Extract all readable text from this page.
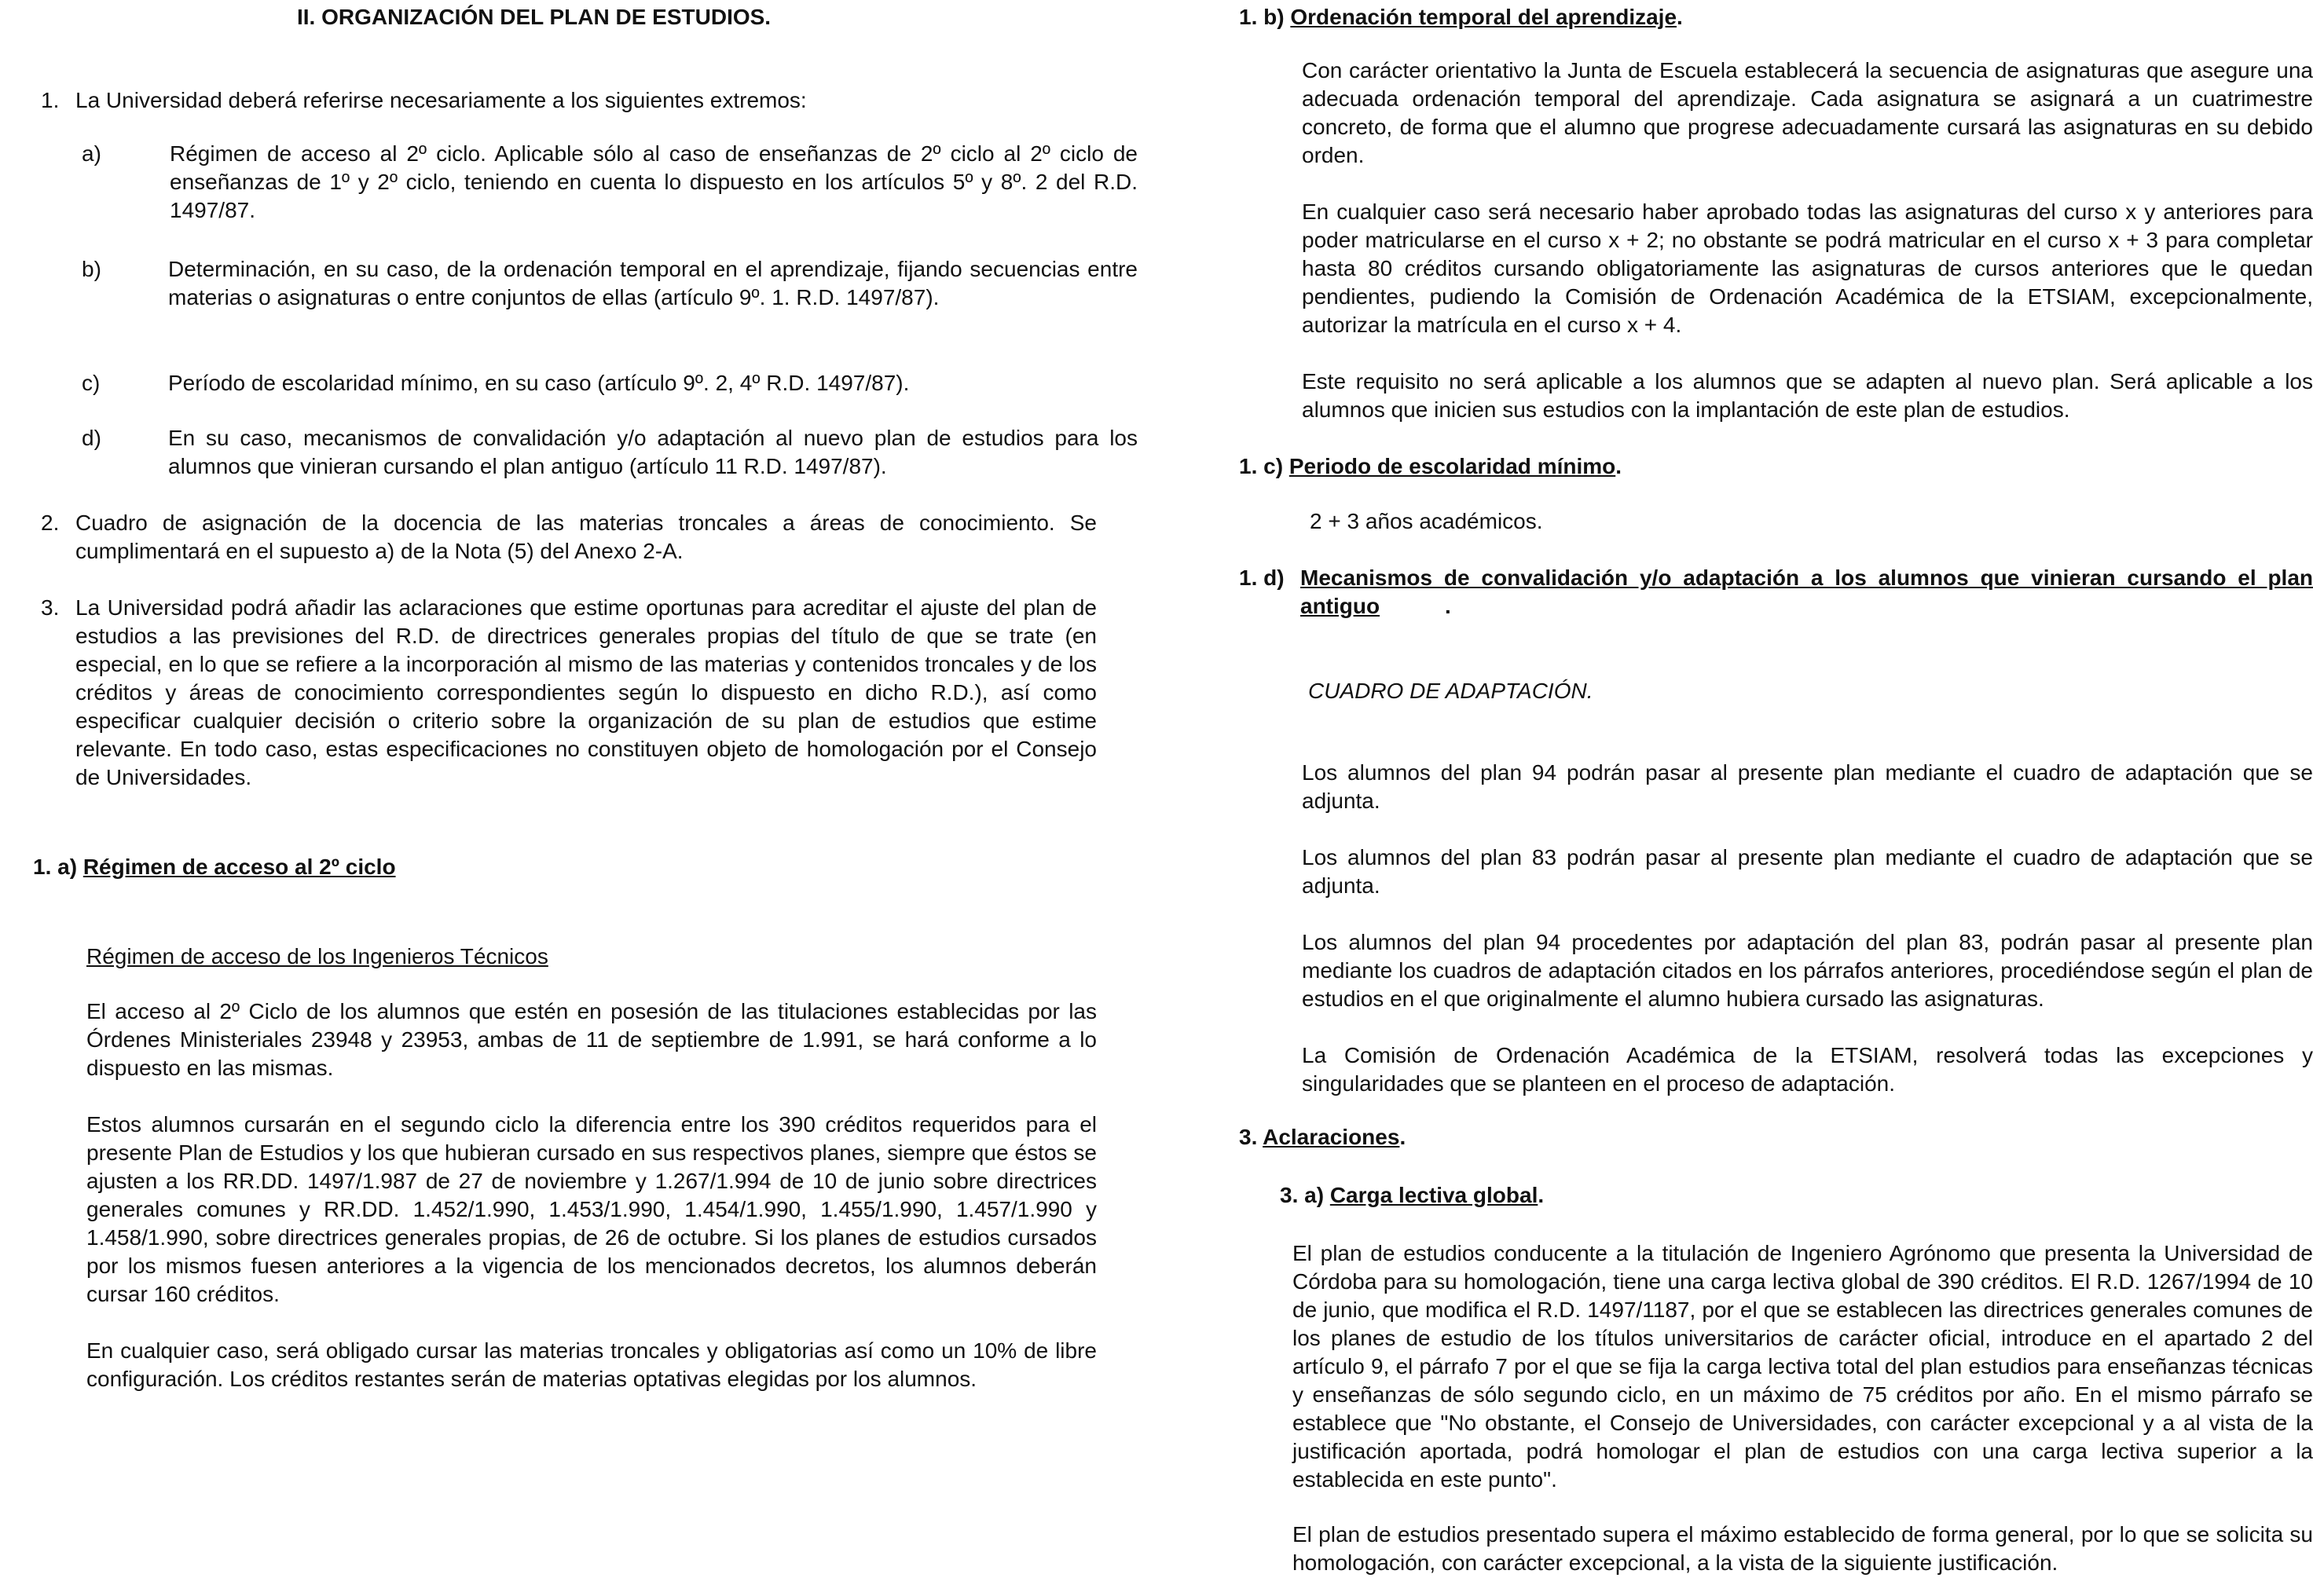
II. ORGANIZACIÓN DEL PLAN DE ESTUDIOS.
1. La Universidad deberá referirse necesariamente a los siguientes extremos:
a)	Régimen de acceso al 2º ciclo. Aplicable sólo al caso de enseñanzas de 2º ciclo al 2º ciclo de enseñanzas de 1º y 2º ciclo, teniendo en cuenta lo dispuesto en los artículos 5º y 8º. 2 del R.D. 1497/87.

b)	Determinación, en su caso, de la ordenación temporal en el aprendizaje, fijando secuencias entre materias o asignaturas o entre conjuntos de ellas (artículo 9º. 1. R.D. 1497/87).

c)	Período de escolaridad mínimo, en su caso (artículo 9º. 2, 4º R.D. 1497/87).

d)	En su caso, mecanismos de convalidación y/o adaptación al nuevo plan de estudios para los alumnos que vinieran cursando el plan antiguo (artículo 11 R.D. 1497/87).

2. Cuadro de asignación de la docencia de las materias troncales a áreas de conocimiento. Se cumplimentará en el supuesto a) de la Nota (5) del Anexo 2-A.

3. La Universidad podrá añadir las aclaraciones que estime oportunas para acreditar el ajuste del plan de estudios a las previsiones del R.D. de directrices generales propias del título de que se trate (en especial, en lo que se refiere a la incorporación al mismo de las materias y contenidos troncales y de los créditos y áreas de conocimiento correspondientes según lo dispuesto en dicho R.D.), así como especificar cualquier decisión o criterio sobre la organización de su plan de estudios que estime relevante. En todo caso, estas especificaciones no constituyen objeto de homologación por el Consejo de Universidades.

1. a) Régimen de acceso al 2º ciclo
Régimen de acceso de los Ingenieros Técnicos

El acceso al 2º Ciclo de los alumnos que estén en posesión de las titulaciones establecidas por las Órdenes Ministeriales 23948 y 23953, ambas de 11 de septiembre de 1.991, se hará conforme a lo dispuesto en las mismas.

Estos alumnos cursarán en el segundo ciclo la diferencia entre los 390 créditos requeridos para el presente Plan de Estudios y los que hubieran cursado en sus respectivos planes, siempre que éstos se ajusten a los RR.DD. 1497/1.987 de 27 de noviembre y 1.267/1.994 de 10 de junio sobre directrices generales comunes y RR.DD. 1.452/1.990, 1.453/1.990, 1.454/1.990, 1.455/1.990, 1.457/1.990 y 1.458/1.990, sobre directrices generales propias, de 26 de octubre. Si los planes de estudios cursados por los mismos fuesen anteriores a la vigencia de los mencionados decretos, los alumnos deberán cursar 160 créditos.

En cualquier caso, será obligado cursar las materias troncales y obligatorias así como un 10% de libre configuración. Los créditos restantes serán de materias optativas elegidas por los alumnos.

1. b) Ordenación temporal del aprendizaje.

Con carácter orientativo la Junta de Escuela establecerá la secuencia de asignaturas que asegure una adecuada ordenación temporal del aprendizaje. Cada asignatura se asignará a un cuatrimestre concreto, de forma que el alumno que progrese adecuadamente cursará las asignaturas en su debido orden.

En cualquier caso será necesario haber aprobado todas las asignaturas del curso x y anteriores para poder matricularse en el curso x + 2; no obstante se podrá matricular en el curso x + 3 para completar hasta 80 créditos cursando obligatoriamente las asignaturas de cursos anteriores que le quedan pendientes, pudiendo la Comisión de Ordenación Académica de la ETSIAM, excepcionalmente, autorizar la matrícula en el curso x + 4.

Este requisito no será aplicable a los alumnos que se adapten al nuevo plan. Será aplicable a los alumnos que inicien sus estudios con la implantación de este plan de estudios.

1. c) Periodo de escolaridad mínimo.
2 + 3 años académicos.
1. d) Mecanismos de convalidación y/o adaptación a los alumnos que vinieran cursando el plan antiguo	.
CUADRO DE ADAPTACIÓN.

Los alumnos del plan 94 podrán pasar al presente plan mediante el cuadro de adaptación que se adjunta.

Los alumnos del plan 83 podrán pasar al presente plan mediante el cuadro de adaptación que se adjunta.

Los alumnos del plan 94 procedentes por adaptación del plan 83, podrán pasar al presente plan mediante los cuadros de adaptación citados en los párrafos anteriores, procediéndose según el plan de estudios en el que originalmente el alumno hubiera cursado las asignaturas.

La Comisión de Ordenación Académica de la ETSIAM, resolverá todas las excepciones y singularidades que se planteen en el proceso de adaptación.

3. Aclaraciones.
3. a) Carga lectiva global.

El plan de estudios conducente a la titulación de Ingeniero Agrónomo que presenta la Universidad de Córdoba para su homologación, tiene una carga lectiva global de 390 créditos. El R.D. 1267/1994 de 10 de junio, que modifica el R.D. 1497/1187, por el que se establecen las directrices generales comunes de los planes de estudio de los títulos universitarios de carácter oficial, introduce en el apartado 2 del artículo 9, el párrafo 7 por el que se fija la carga lectiva total del plan estudios para enseñanzas técnicas y enseñanzas de sólo segundo ciclo, en un máximo de 75 créditos por año. En el mismo párrafo se establece que "No obstante, el Consejo de Universidades, con carácter excepcional y a al vista de la justificación aportada, podrá homologar el plan de estudios con una carga lectiva superior a la establecida en este punto".

El plan de estudios presentado supera el máximo establecido de forma general, por lo que se solicita su homologación, con carácter excepcional, a la vista de la siguiente justificación.
